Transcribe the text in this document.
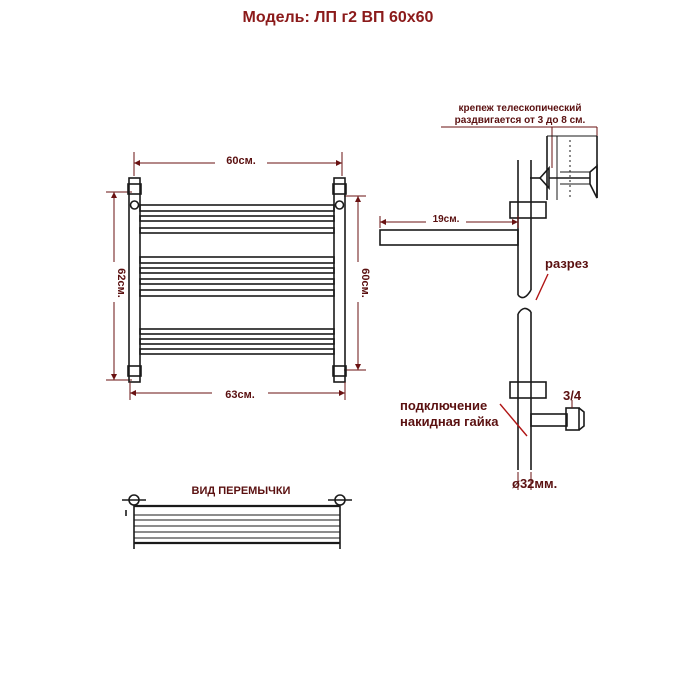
Модель: ЛП г2 ВП 60х60
60см.
62см.	60см.
63см.
ВИД ПЕРЕМЫЧКИ
крепеж телескопический
раздвигается от 3 до 8 см.
19см.
разрез
3/4
подключение
накидная гайка
ø32мм.
